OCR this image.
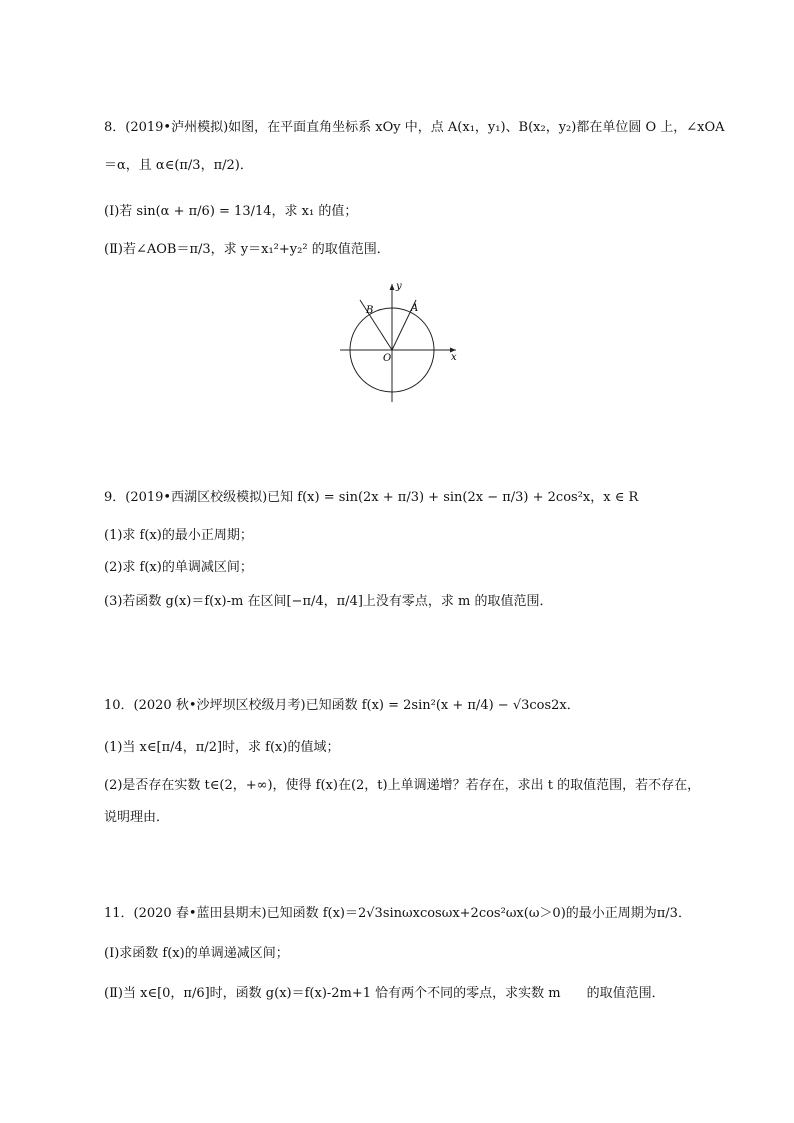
8．(2019•泸州模拟)如图，在平面直角坐标系 xOy 中，点 A(x₁，y₁)、B(x₂，y₂)都在单位圆 O 上，∠xOA
＝α，且 α∈(π/3，π/2)．
(Ⅰ)若 sin(α + π/6) = 13/14，求 x₁ 的值；
(Ⅱ)若∠AOB＝π/3，求 y＝x₁²+y₂² 的取值范围．
B	A
y
O	x
9．(2019•西湖区校级模拟)已知 f(x) = sin(2x + π/3) + sin(2x − π/3) + 2cos²x，x ∈ R
(1)求 f(x)的最小正周期；
(2)求 f(x)的单调减区间；
(3)若函数 g(x)＝f(x)-m 在区间[−π/4，π/4]上没有零点，求 m 的取值范围．
10．(2020 秋•沙坪坝区校级月考)已知函数 f(x) = 2sin²(x + π/4) − √3cos2x．
(1)当 x∈[π/4，π/2]时，求 f(x)的值域；
(2)是否存在实数 t∈(2，+∞)，使得 f(x)在(2，t)上单调递增？若存在，求出 t 的取值范围，若不存在，
说明理由．
11．(2020 春•蓝田县期末)已知函数 f(x)＝2√3sinωxcosωx+2cos²ωx(ω＞0)的最小正周期为π/3．
(Ⅰ)求函数 f(x)的单调递减区间；
(Ⅱ)当 x∈[0，π/6]时，函数 g(x)＝f(x)-2m+1 恰有两个不同的零点，求实数 m　　的取值范围．
